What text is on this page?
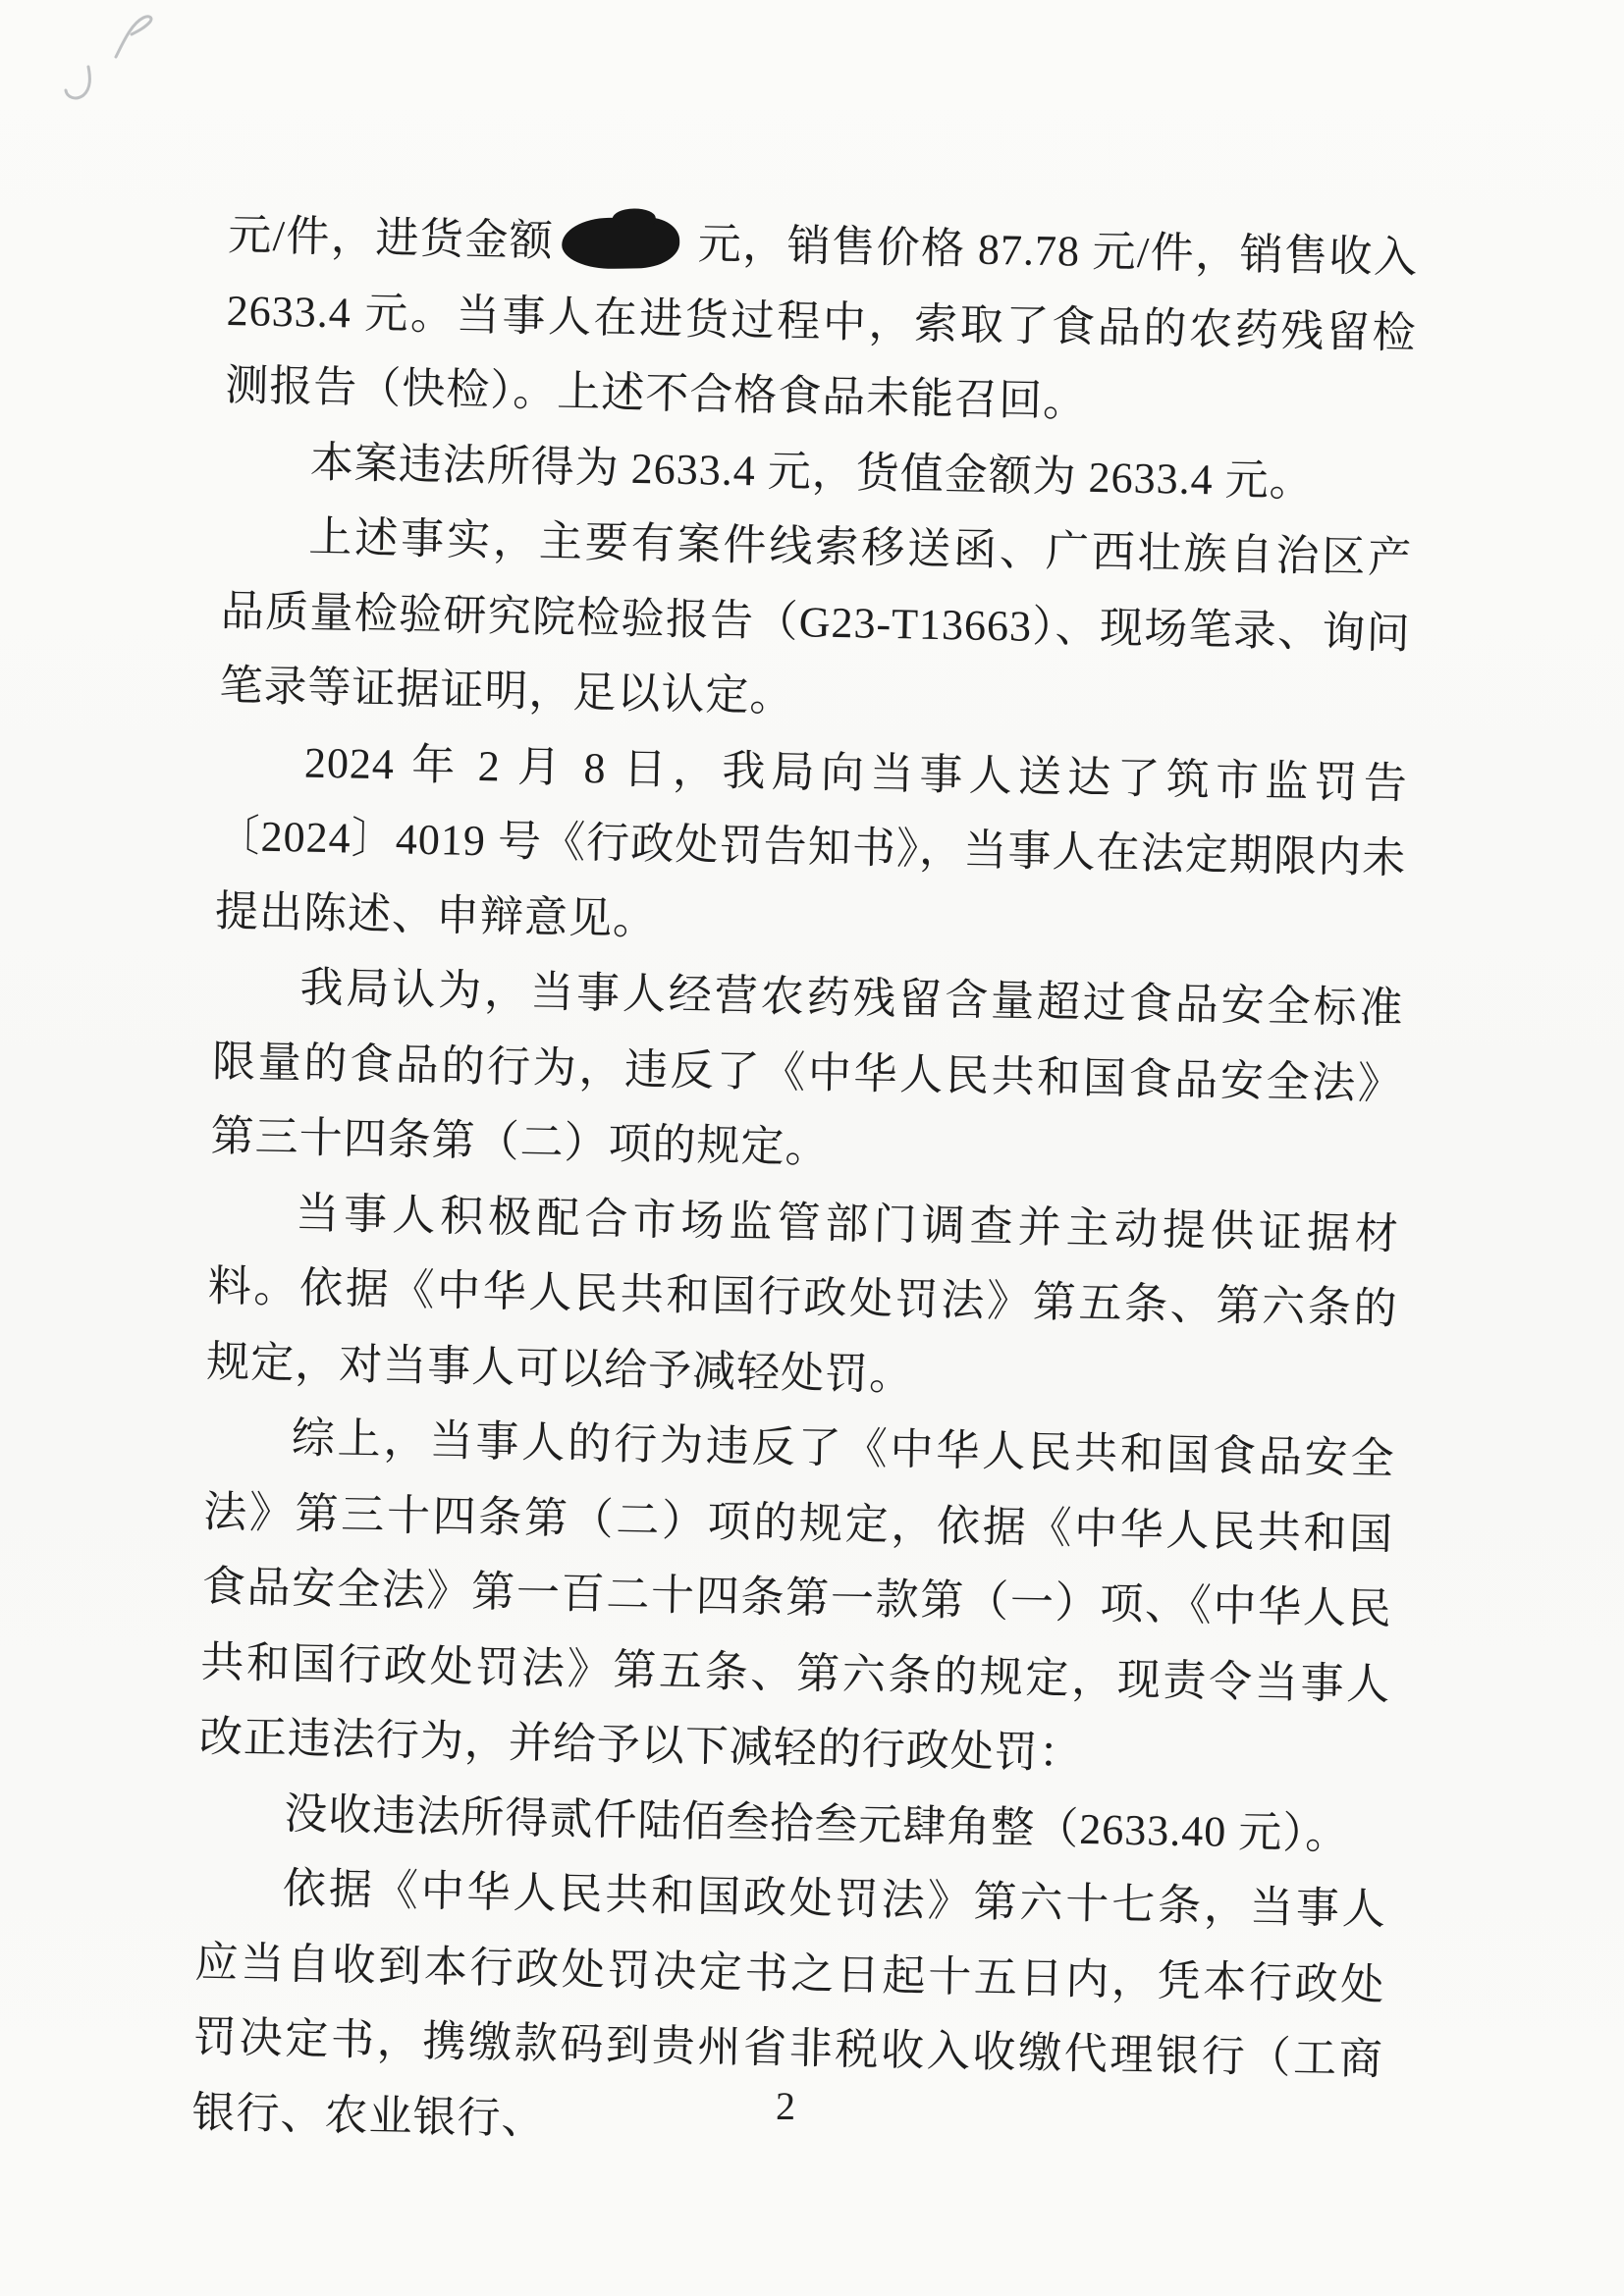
元/件，进货金额	元，销售价格 87.78 元/件，销售收入 2633.4 元。当事人在进货过程中，索取了食品的农药残留检测报告（快检）。上述不合格食品未能召回。

本案违法所得为 2633.4 元，货值金额为 2633.4 元。

上述事实，主要有案件线索移送函、广西壮族自治区产品质量检验研究院检验报告（G23-T13663）、现场笔录、询问笔录等证据证明，足以认定。

2024 年 2 月 8 日，我局向当事人送达了筑市监罚告〔2024〕4019 号《行政处罚告知书》，当事人在法定期限内未提出陈述、申辩意见。

我局认为，当事人经营农药残留含量超过食品安全标准限量的食品的行为，违反了《中华人民共和国食品安全法》第三十四条第（二）项的规定。

当事人积极配合市场监管部门调查并主动提供证据材料。依据《中华人民共和国行政处罚法》第五条、第六条的规定，对当事人可以给予减轻处罚。

综上，当事人的行为违反了《中华人民共和国食品安全法》第三十四条第（二）项的规定，依据《中华人民共和国食品安全法》第一百二十四条第一款第（一）项、《中华人民共和国行政处罚法》第五条、第六条的规定，现责令当事人改正违法行为，并给予以下减轻的行政处罚：

没收违法所得贰仟陆佰叁拾叁元肆角整（2633.40 元）。

依据《中华人民共和国政处罚法》第六十七条，当事人应当自收到本行政处罚决定书之日起十五日内，凭本行政处罚决定书，携缴款码到贵州省非税收入收缴代理银行（工商银行、农业银行、	2
